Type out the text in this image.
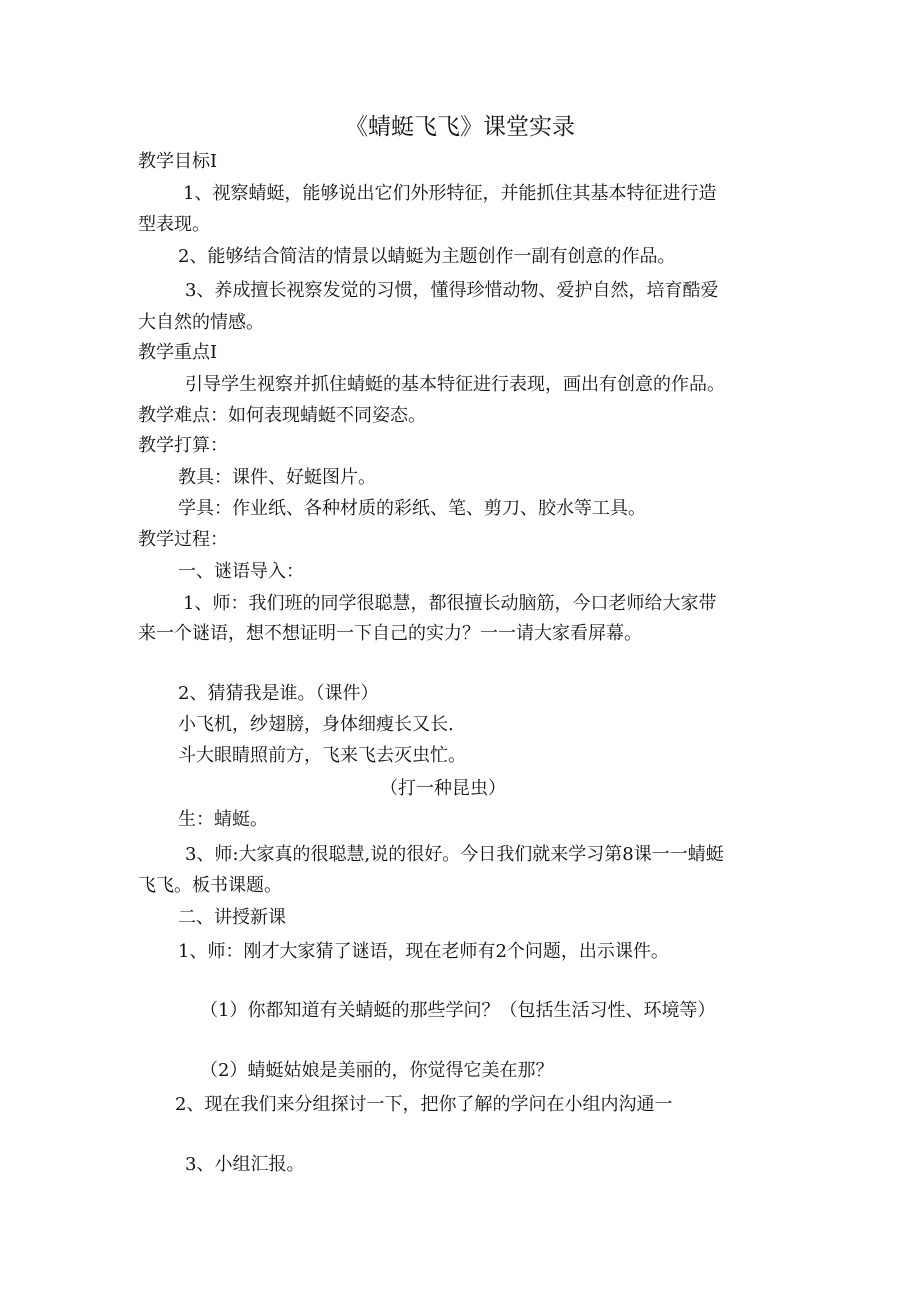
《蜻蜓飞飞》课堂实录

教学目标I

1、视察蜻蜓，能够说出它们外形特征，并能抓住其基本特征进行造

型表现。

2、能够结合简洁的情景以蜻蜓为主题创作一副有创意的作品。

3、养成擅长视察发觉的习惯，懂得珍惜动物、爱护自然，培育酷爱

大自然的情感。

教学重点I

引导学生视察并抓住蜻蜓的基本特征进行表现，画出有创意的作品。

教学难点：如何表现蜻蜓不同姿态。

教学打算：

教具：课件、好蜓图片。

学具：作业纸、各种材质的彩纸、笔、剪刀、胶水等工具。

教学过程：

一、谜语导入：

1、师：我们班的同学很聪慧，都很擅长动脑筋，今口老师给大家带

来一个谜语，想不想证明一下自己的实力？一一请大家看屏幕。

2、猜猜我是谁。（课件）

小飞机，纱翅膀，身体细瘦长又长.

斗大眼睛照前方，飞来飞去灭虫忙。

（打一种昆虫）

生：蜻蜓。

3、师:大家真的很聪慧,说的很好。今日我们就来学习第8课一一蜻蜓

飞飞。板书课题。

二、讲授新课

1、师：刚才大家猜了谜语，现在老师有2个问题，出示课件。

（1）你都知道有关蜻蜓的那些学问？（包括生活习性、环境等）

（2）蜻蜓姑娘是美丽的，你觉得它美在那？

2、现在我们来分组探讨一下，把你了解的学问在小组内沟通一

3、小组汇报。
